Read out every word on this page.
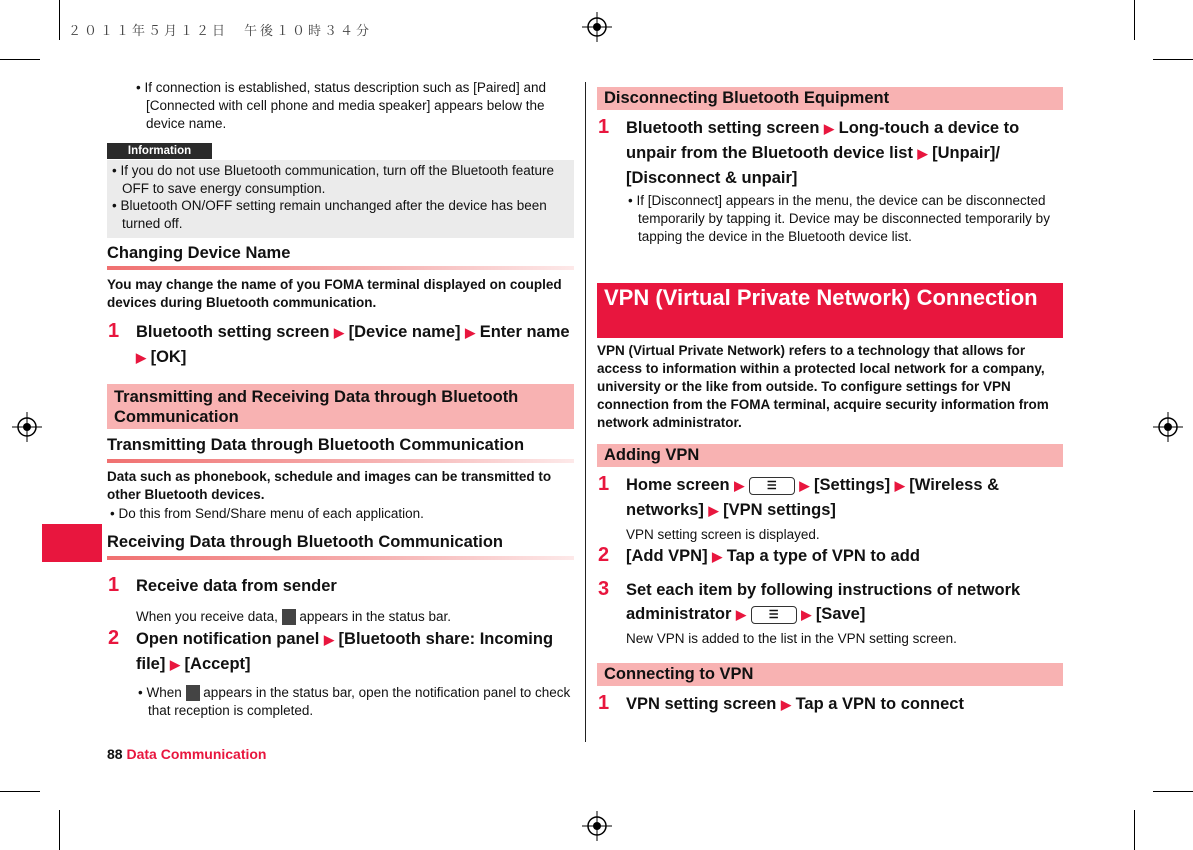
２０１１年５月１２日　午後１０時３４分

• If connection is established, status description such as [Paired] and [Connected with cell phone and media speaker] appears below the device name.

Information

• If you do not use Bluetooth communication, turn off the Bluetooth feature OFF to save energy consumption.

• Bluetooth ON/OFF setting remain unchanged after the device has been turned off.

Changing Device Name

You may change the name of you FOMA terminal displayed on coupled devices during Bluetooth communication.

1 Bluetooth setting screen ▶ [Device name] ▶ Enter name ▶ [OK]
Transmitting and Receiving Data through Bluetooth Communication
Transmitting Data through Bluetooth Communication

Data such as phonebook, schedule and images can be transmitted to other Bluetooth devices.

• Do this from Send/Share menu of each application.

Receiving Data through Bluetooth Communication
1 Receive data from sender
When you receive data, appears in the status bar.
2 Open notification panel ▶ [Bluetooth share: Incoming file] ▶ [Accept]

• When appears in the status bar, open the notification panel to check that reception is completed.

88 Data Communication
Disconnecting Bluetooth Equipment
1 Bluetooth setting screen ▶ Long-touch a device to unpair from the Bluetooth device list ▶ [Unpair]/ [Disconnect & unpair]

• If [Disconnect] appears in the menu, the device can be disconnected temporarily by tapping it. Device may be disconnected temporarily by tapping the device in the Bluetooth device list.

VPN (Virtual Private Network) Connection

VPN (Virtual Private Network) refers to a technology that allows for access to information within a protected local network for a company, university or the like from outside. To configure settings for VPN connection from the FOMA terminal, acquire security information from network administrator.

Adding VPN
1 Home screen ▶ ☰ ▶ [Settings] ▶ [Wireless & networks] ▶ [VPN settings]
VPN setting screen is displayed.
2 [Add VPN] ▶ Tap a type of VPN to add
3 Set each item by following instructions of network administrator ▶ ☰ ▶ [Save]
New VPN is added to the list in the VPN setting screen.
Connecting to VPN
1 VPN setting screen ▶ Tap a VPN to connect
